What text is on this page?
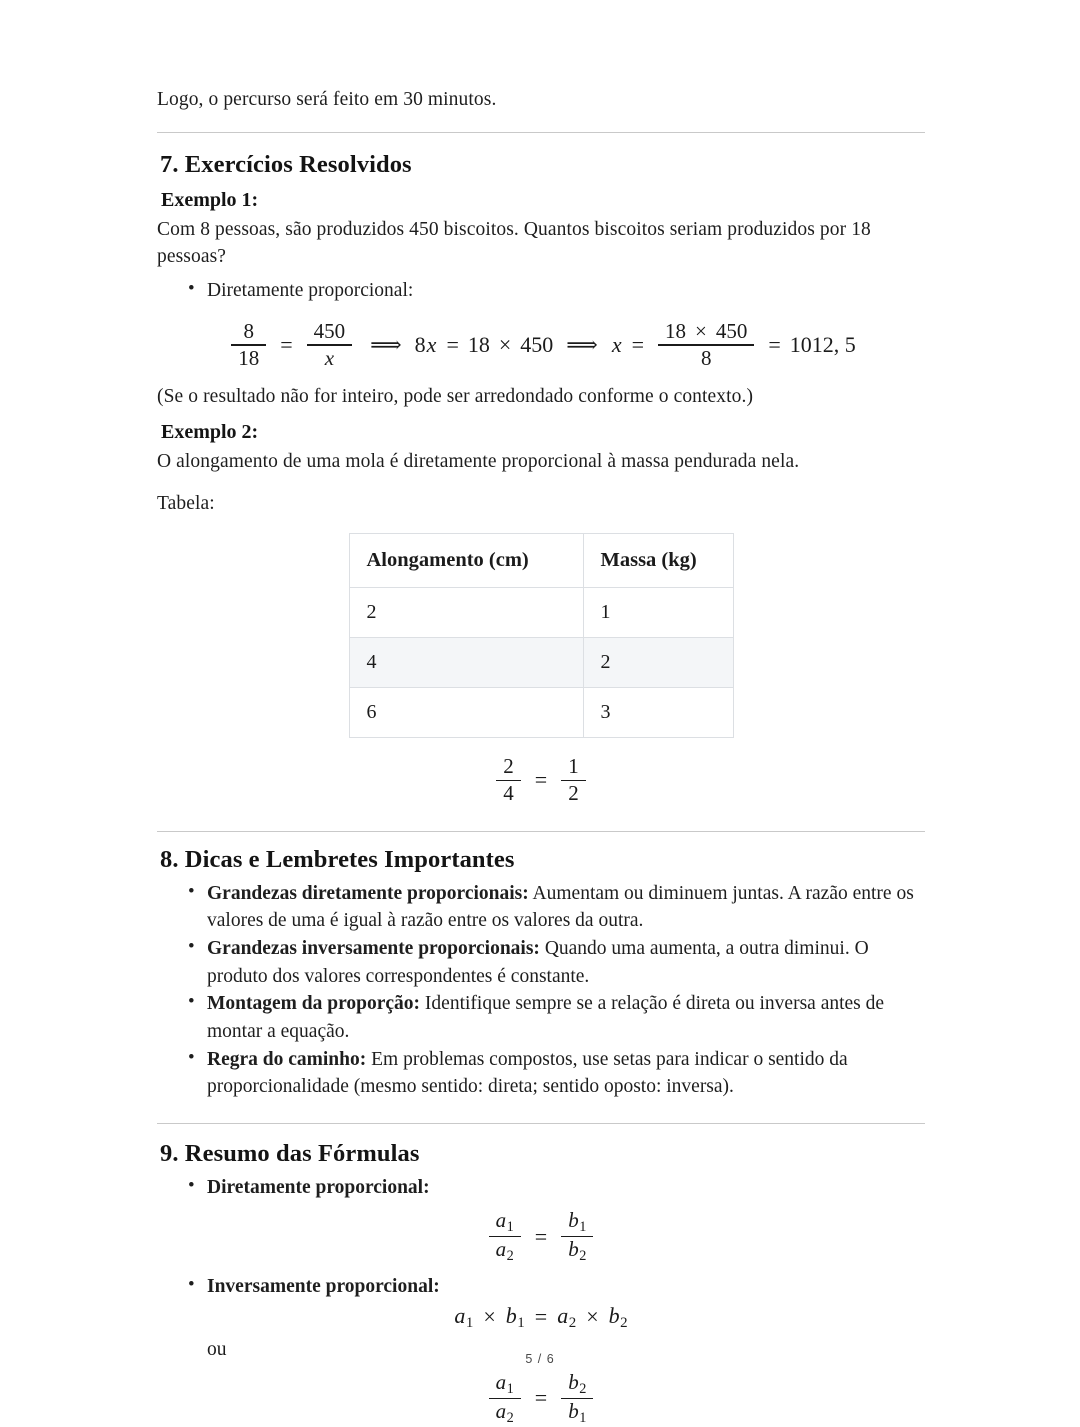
Logo, o percurso será feito em 30 minutos.

7. Exercícios Resolvidos
Exemplo 1:

Com 8 pessoas, são produzidos 450 biscoitos. Quantos biscoitos seriam produzidos por 18 pessoas?

• Diretamente proporcional:
$\frac{8}{18} = \frac{450}{x}$ ⟹ 8 x = 18 × 450 ⟹ $x = \frac{18 \times 450}{8} = 1012$, 5

(Se o resultado não for inteiro, pode ser arredondado conforme o contexto.)

Exemplo 2:

O alongamento de uma mola é diretamente proporcional à massa pendurada nela.

Tabela:

Alongamento (cm)	Massa (kg)
2	1
4	2
6	3
$\frac{2}{4} = \frac{1}{2}$
8. Dicas e Lembretes Importantes
• Grandezas diretamente proporcionais: Aumentam ou diminuem juntas. A razão entre os valores de uma é igual à razão entre os valores da outra.
• Grandezas inversamente proporcionais: Quando uma aumenta, a outra diminui. O produto dos valores correspondentes é constante.
• Montagem da proporção: Identifique sempre se a relação é direta ou inversa antes de montar a equação.
• Regra do caminho: Em problemas compostos, use setas para indicar o sentido da proporcionalidade (mesmo sentido: direta; sentido oposto: inversa).
9. Resumo das Fórmulas
• Diretamente proporcional:
$\frac{a_1}{a_2} = \frac{b_1}{b_2}$
• Inversamente proporcional:
$a_1 \times b_1 = a_2 \times b_2$
ou
$\frac{a_1}{a_2} = \frac{b_2}{b_1}$
5 / 6
